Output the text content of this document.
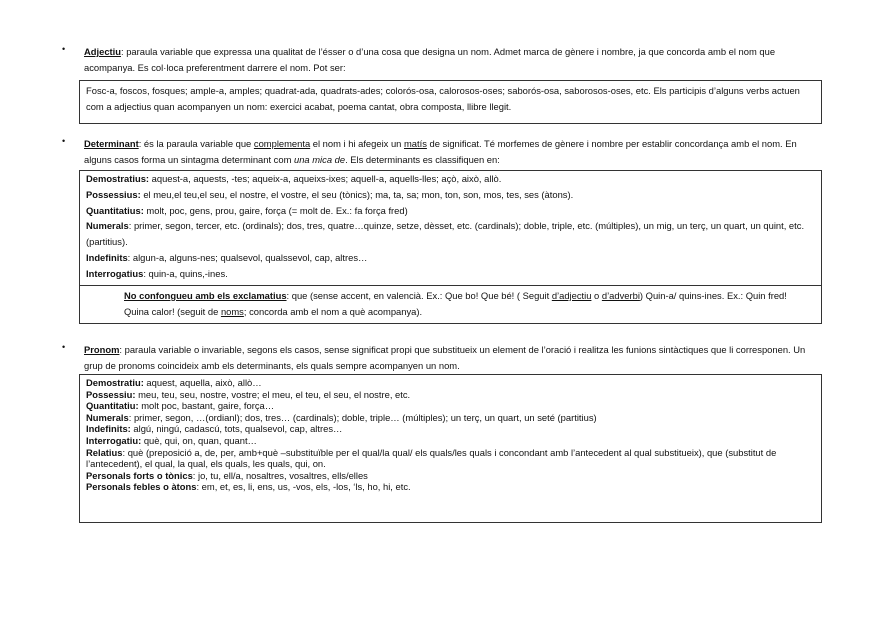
• Adjectiu: paraula variable que expressa una qualitat de l’ésser o d’una cosa que designa un nom. Admet marca de gènere i nombre, ja que concorda amb el nom que acompanya. Es col·loca preferentment darrere el nom. Pot ser:
Fosc-a, foscos, fosques; ample-a, amples; quadrat-ada, quadrats-ades; colorós-osa, calorosos-oses; saborós-osa, saborosos-oses, etc. Els participis d’alguns verbs actuen com a adjectius quan acompanyen un nom: exercici acabat, poema cantat, obra composta, llibre llegit.
• Determinant: és la paraula variable que complementa el nom i hi afegeix un matís de significat. Té morfemes de gènere i nombre per establir concordança amb el nom. En alguns casos forma un sintagma determinant com una mica de. Els determinants es classifiquen en:
Demostratius: aquest-a, aquests, -tes; aqueix-a, aqueixs-ixes; aquell-a, aquells-lles; açò, això, allò.
Possessius: el meu,el teu,el seu, el nostre, el vostre, el seu (tònics); ma, ta, sa; mon, ton, son, mos, tes, ses (àtons).
Quantitatius: molt, poc, gens, prou, gaire, força (= molt de. Ex.: fa força fred)
Numerals: primer, segon, tercer, etc. (ordinals); dos, tres, quatre…quinze, setze, dèsset, etc. (cardinals); doble, triple, etc. (múltiples), un mig, un terç, un quart, un quint, etc. (partitius).
Indefinits: algun-a, alguns-nes; qualsevol, qualssevol, cap, altres…
Interrogatius: quin-a, quins,-ines.
No confongueu amb els exclamatius: que (sense accent, en valencià. Ex.: Que bo! Que bé! ( Seguit d’adjectiu o d’adverbi) Quin-a/ quins-ines. Ex.: Quin fred! Quina calor! (seguit de noms; concorda amb el nom a què acompanya).
• Pronom: paraula variable o invariable, segons els casos, sense significat propi que substitueix un element de l’oració i realitza les funions sintàctiques que li corresponen. Un grup de pronoms coincideix amb els determinants, els quals sempre acompanyen un nom.
Demostratiu: aquest, aquella, això, allò…
Possessiu: meu, teu, seu, nostre, vostre; el meu, el teu, el seu, el nostre, etc.
Quantitatiu: molt poc, bastant, gaire, força…
Numerals: primer, segon, …(ordianl); dos, tres… (cardinals); doble, triple… (múltiples); un terç, un quart, un seté (partitius)
Indefinits: algú, ningú, cadascú, tots, qualsevol, cap, altres…
Interrogatiu: què, qui, on, quan, quant…
Relatius: què (preposició a, de, per, amb+què –substituïble per el qual/la qual/ els quals/les quals i concondant amb l’antecedent al qual substitueix), que (substitut de l’antecedent), el qual, la qual, els quals, les quals, qui, on.
Personals forts o tònics: jo, tu, ell/a, nosaltres, vosaltres, ells/elles
Personals febles o àtons: em, et, es, li, ens, us, -vos, els, -los, ‘ls, ho, hi, etc.
